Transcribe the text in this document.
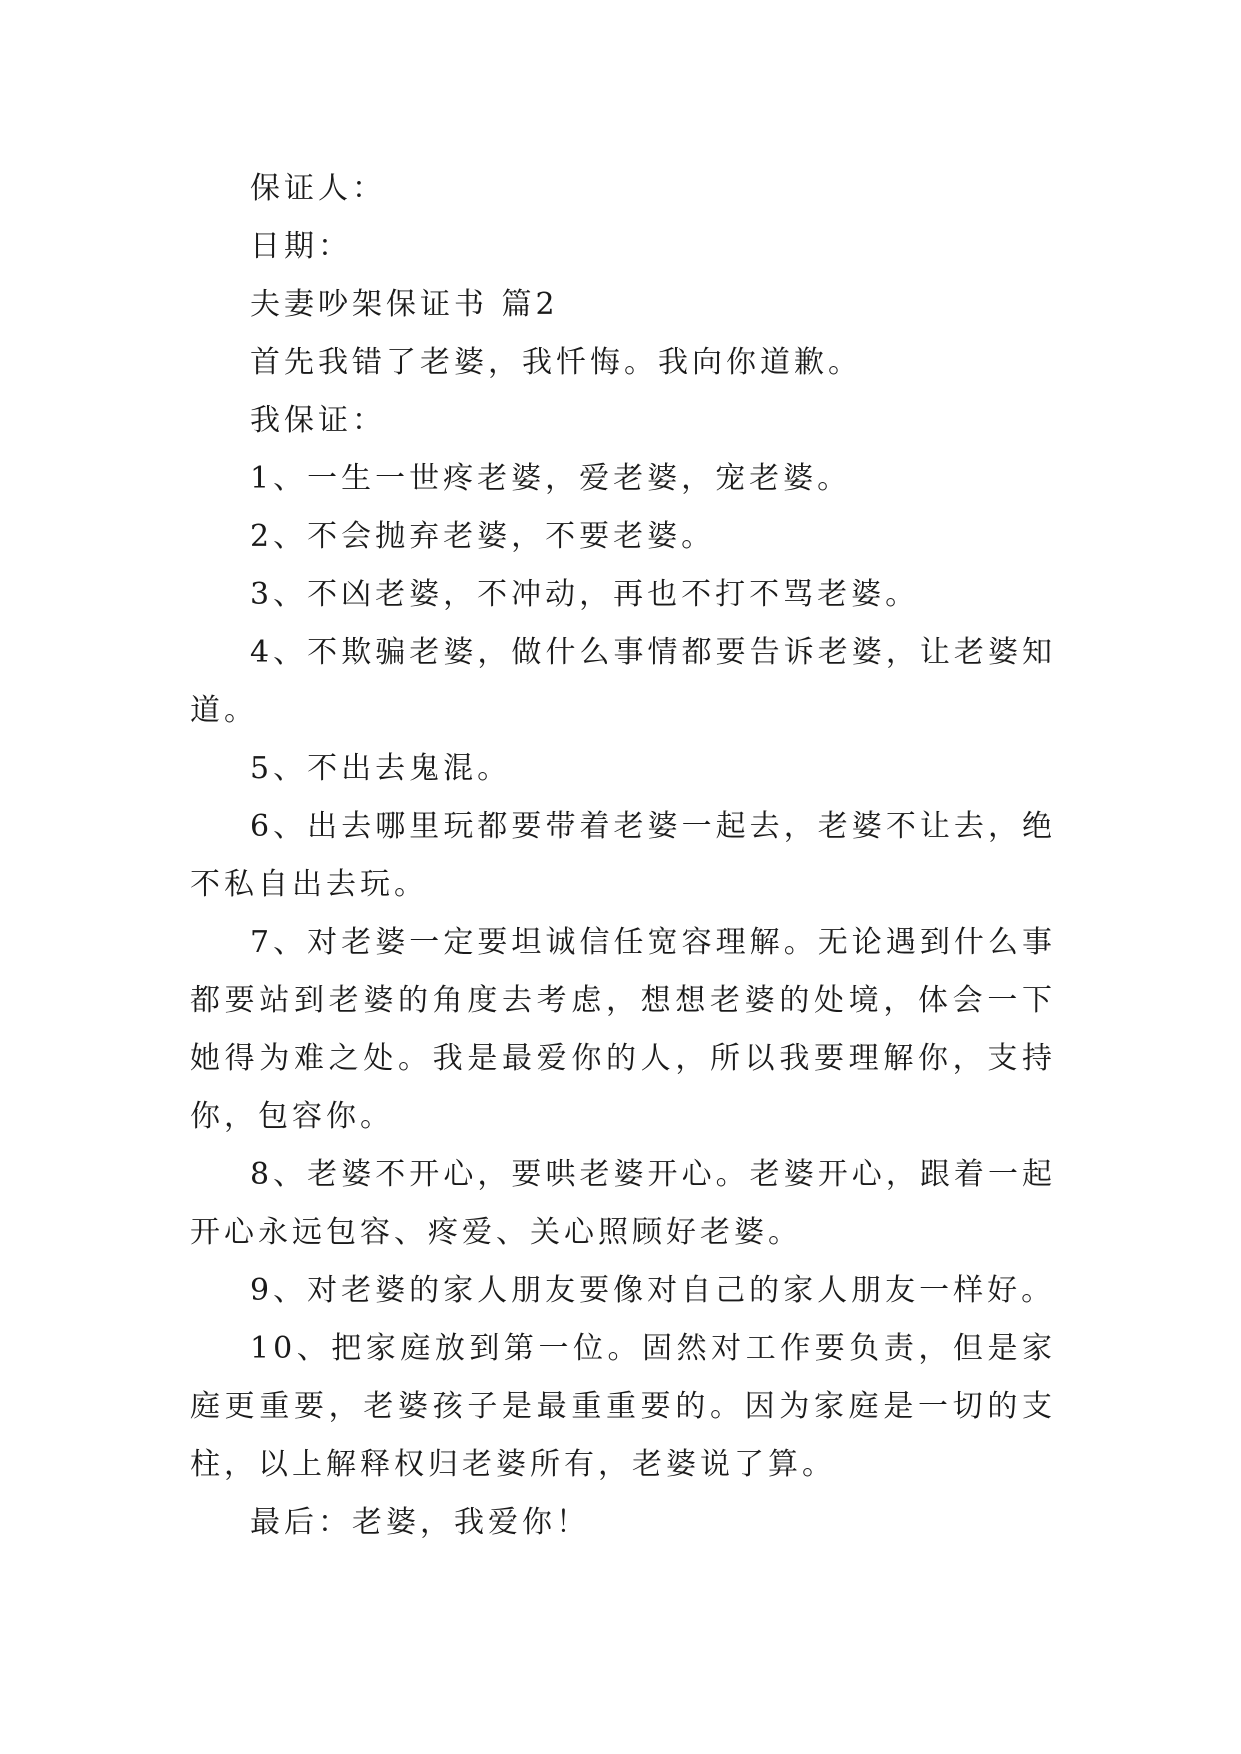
保证人：

日期：

夫妻吵架保证书 篇2

首先我错了老婆，我忏悔。我向你道歉。

我保证：

1、一生一世疼老婆，爱老婆，宠老婆。

2、不会抛弃老婆，不要老婆。

3、不凶老婆，不冲动，再也不打不骂老婆。

4、不欺骗老婆，做什么事情都要告诉老婆，让老婆知道。

5、不出去鬼混。

6、出去哪里玩都要带着老婆一起去，老婆不让去，绝不私自出去玩。

7、对老婆一定要坦诚信任宽容理解。无论遇到什么事都要站到老婆的角度去考虑，想想老婆的处境，体会一下她得为难之处。我是最爱你的人，所以我要理解你，支持你，包容你。

8、老婆不开心，要哄老婆开心。老婆开心，跟着一起开心永远包容、疼爱、关心照顾好老婆。

9、对老婆的家人朋友要像对自己的家人朋友一样好。

10、把家庭放到第一位。固然对工作要负责，但是家庭更重要，老婆孩子是最重重要的。因为家庭是一切的支柱，以上解释权归老婆所有，老婆说了算。

最后：老婆，我爱你！
